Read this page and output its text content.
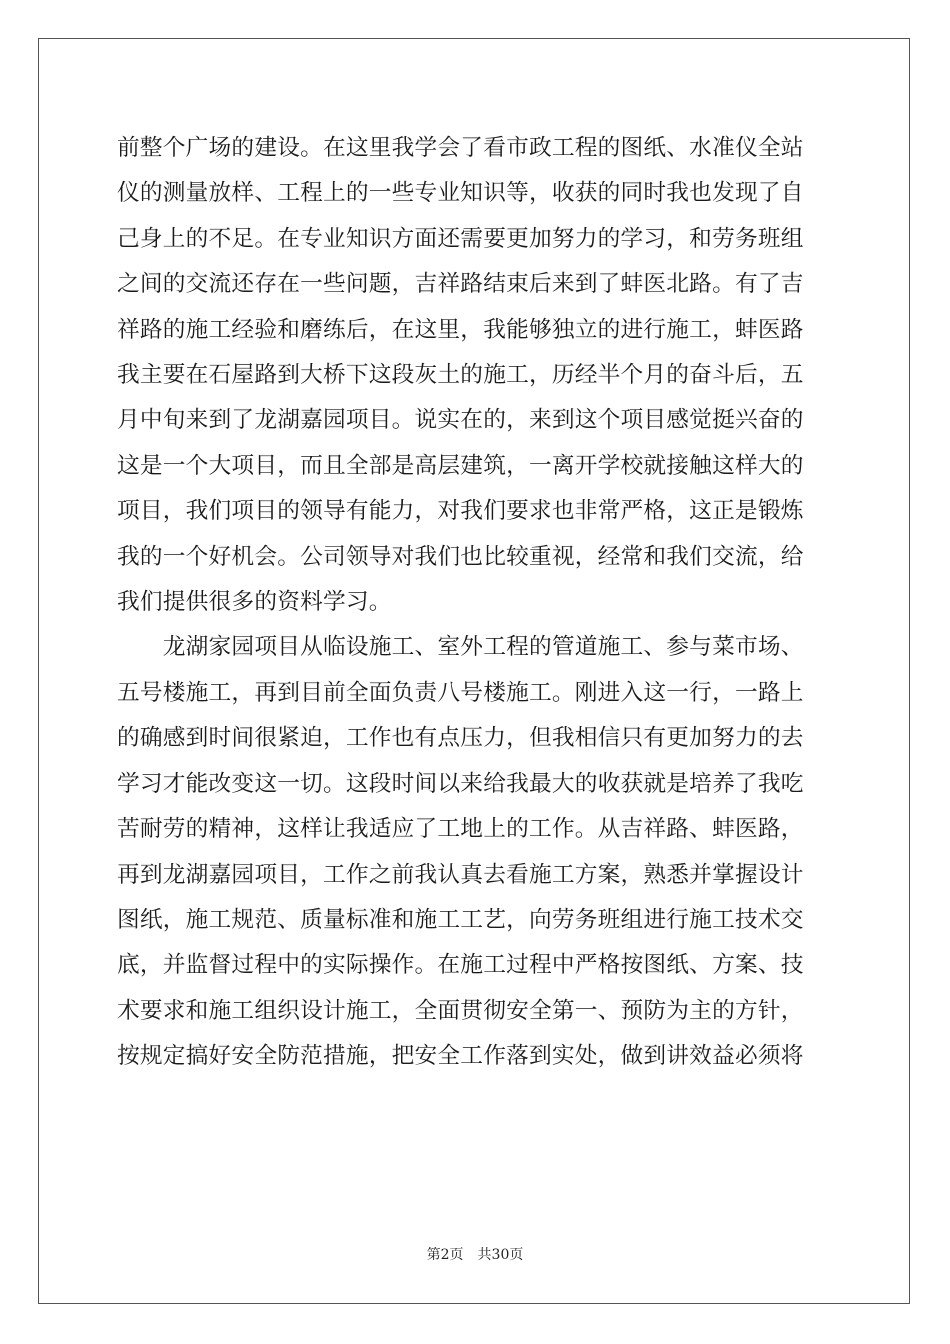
前整个广场的建设。在这里我学会了看市政工程的图纸、水准仪全站
仪的测量放样、工程上的一些专业知识等，收获的同时我也发现了自
己身上的不足。在专业知识方面还需要更加努力的学习，和劳务班组
之间的交流还存在一些问题，吉祥路结束后来到了蚌医北路。有了吉
祥路的施工经验和磨练后，在这里，我能够独立的进行施工，蚌医路
我主要在石屋路到大桥下这段灰土的施工，历经半个月的奋斗后，五
月中旬来到了龙湖嘉园项目。说实在的，来到这个项目感觉挺兴奋的
这是一个大项目，而且全部是高层建筑，一离开学校就接触这样大的
项目，我们项目的领导有能力，对我们要求也非常严格，这正是锻炼
我的一个好机会。公司领导对我们也比较重视，经常和我们交流，给
我们提供很多的资料学习。

　　龙湖家园项目从临设施工、室外工程的管道施工、参与菜市场、
五号楼施工，再到目前全面负责八号楼施工。刚进入这一行，一路上
的确感到时间很紧迫，工作也有点压力，但我相信只有更加努力的去
学习才能改变这一切。这段时间以来给我最大的收获就是培养了我吃
苦耐劳的精神，这样让我适应了工地上的工作。从吉祥路、蚌医路，
再到龙湖嘉园项目，工作之前我认真去看施工方案，熟悉并掌握设计
图纸，施工规范、质量标准和施工工艺，向劳务班组进行施工技术交
底，并监督过程中的实际操作。在施工过程中严格按图纸、方案、技
术要求和施工组织设计施工，全面贯彻安全第一、预防为主的方针，
按规定搞好安全防范措施，把安全工作落到实处，做到讲效益必须将

第2页 共30页
